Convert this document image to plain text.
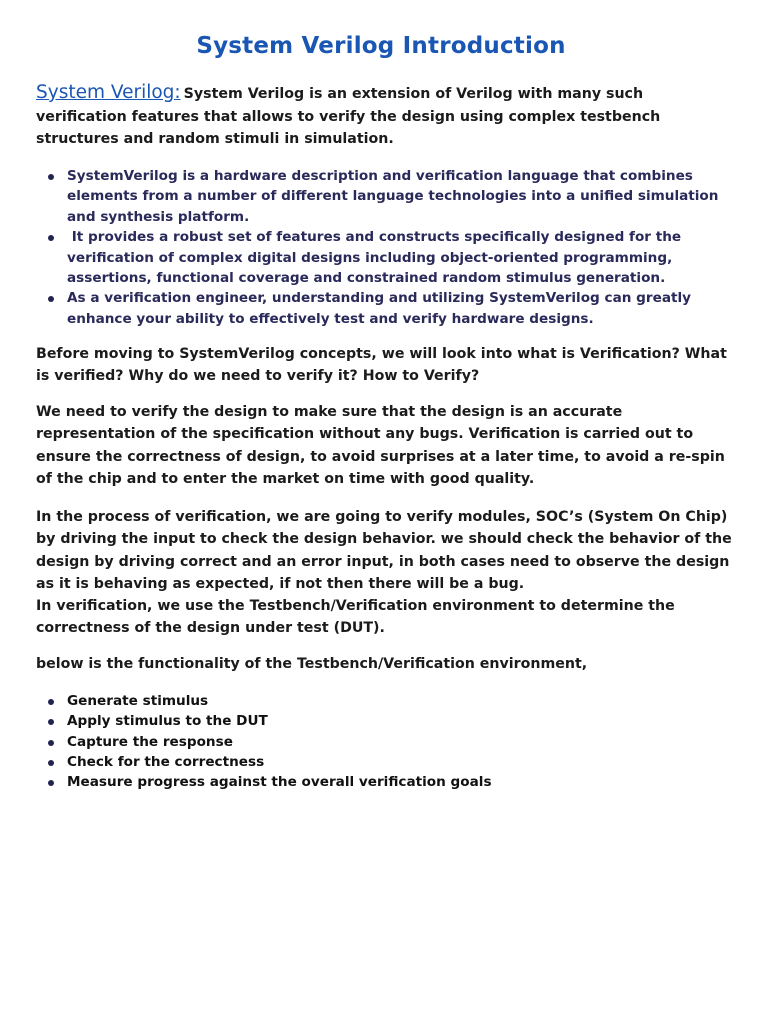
System Verilog Introduction

System Verilog: System Verilog is an extension of Verilog with many such verification features that allows to verify the design using complex testbench structures and random stimuli in simulation.

SystemVerilog is a hardware description and verification language that combines elements from a number of different language technologies into a unified simulation and synthesis platform.
It provides a robust set of features and constructs specifically designed for the verification of complex digital designs including object-oriented programming, assertions, functional coverage and constrained random stimulus generation.
As a verification engineer, understanding and utilizing SystemVerilog can greatly enhance your ability to effectively test and verify hardware designs.

Before moving to SystemVerilog concepts, we will look into what is Verification? What is verified? Why do we need to verify it? How to Verify?

We need to verify the design to make sure that the design is an accurate representation of the specification without any bugs. Verification is carried out to ensure the correctness of design, to avoid surprises at a later time, to avoid a re-spin of the chip and to enter the market on time with good quality.

In the process of verification, we are going to verify modules, SOC’s (System On Chip) by driving the input to check the design behavior. we should check the behavior of the design by driving correct and an error input, in both cases need to observe the design as it is behaving as expected, if not then there will be a bug.

In verification, we use the Testbench/Verification environment to determine the correctness of the design under test (DUT).

below is the functionality of the Testbench/Verification environment,

Generate stimulus
Apply stimulus to the DUT
Capture the response
Check for the correctness
Measure progress against the overall verification goals
